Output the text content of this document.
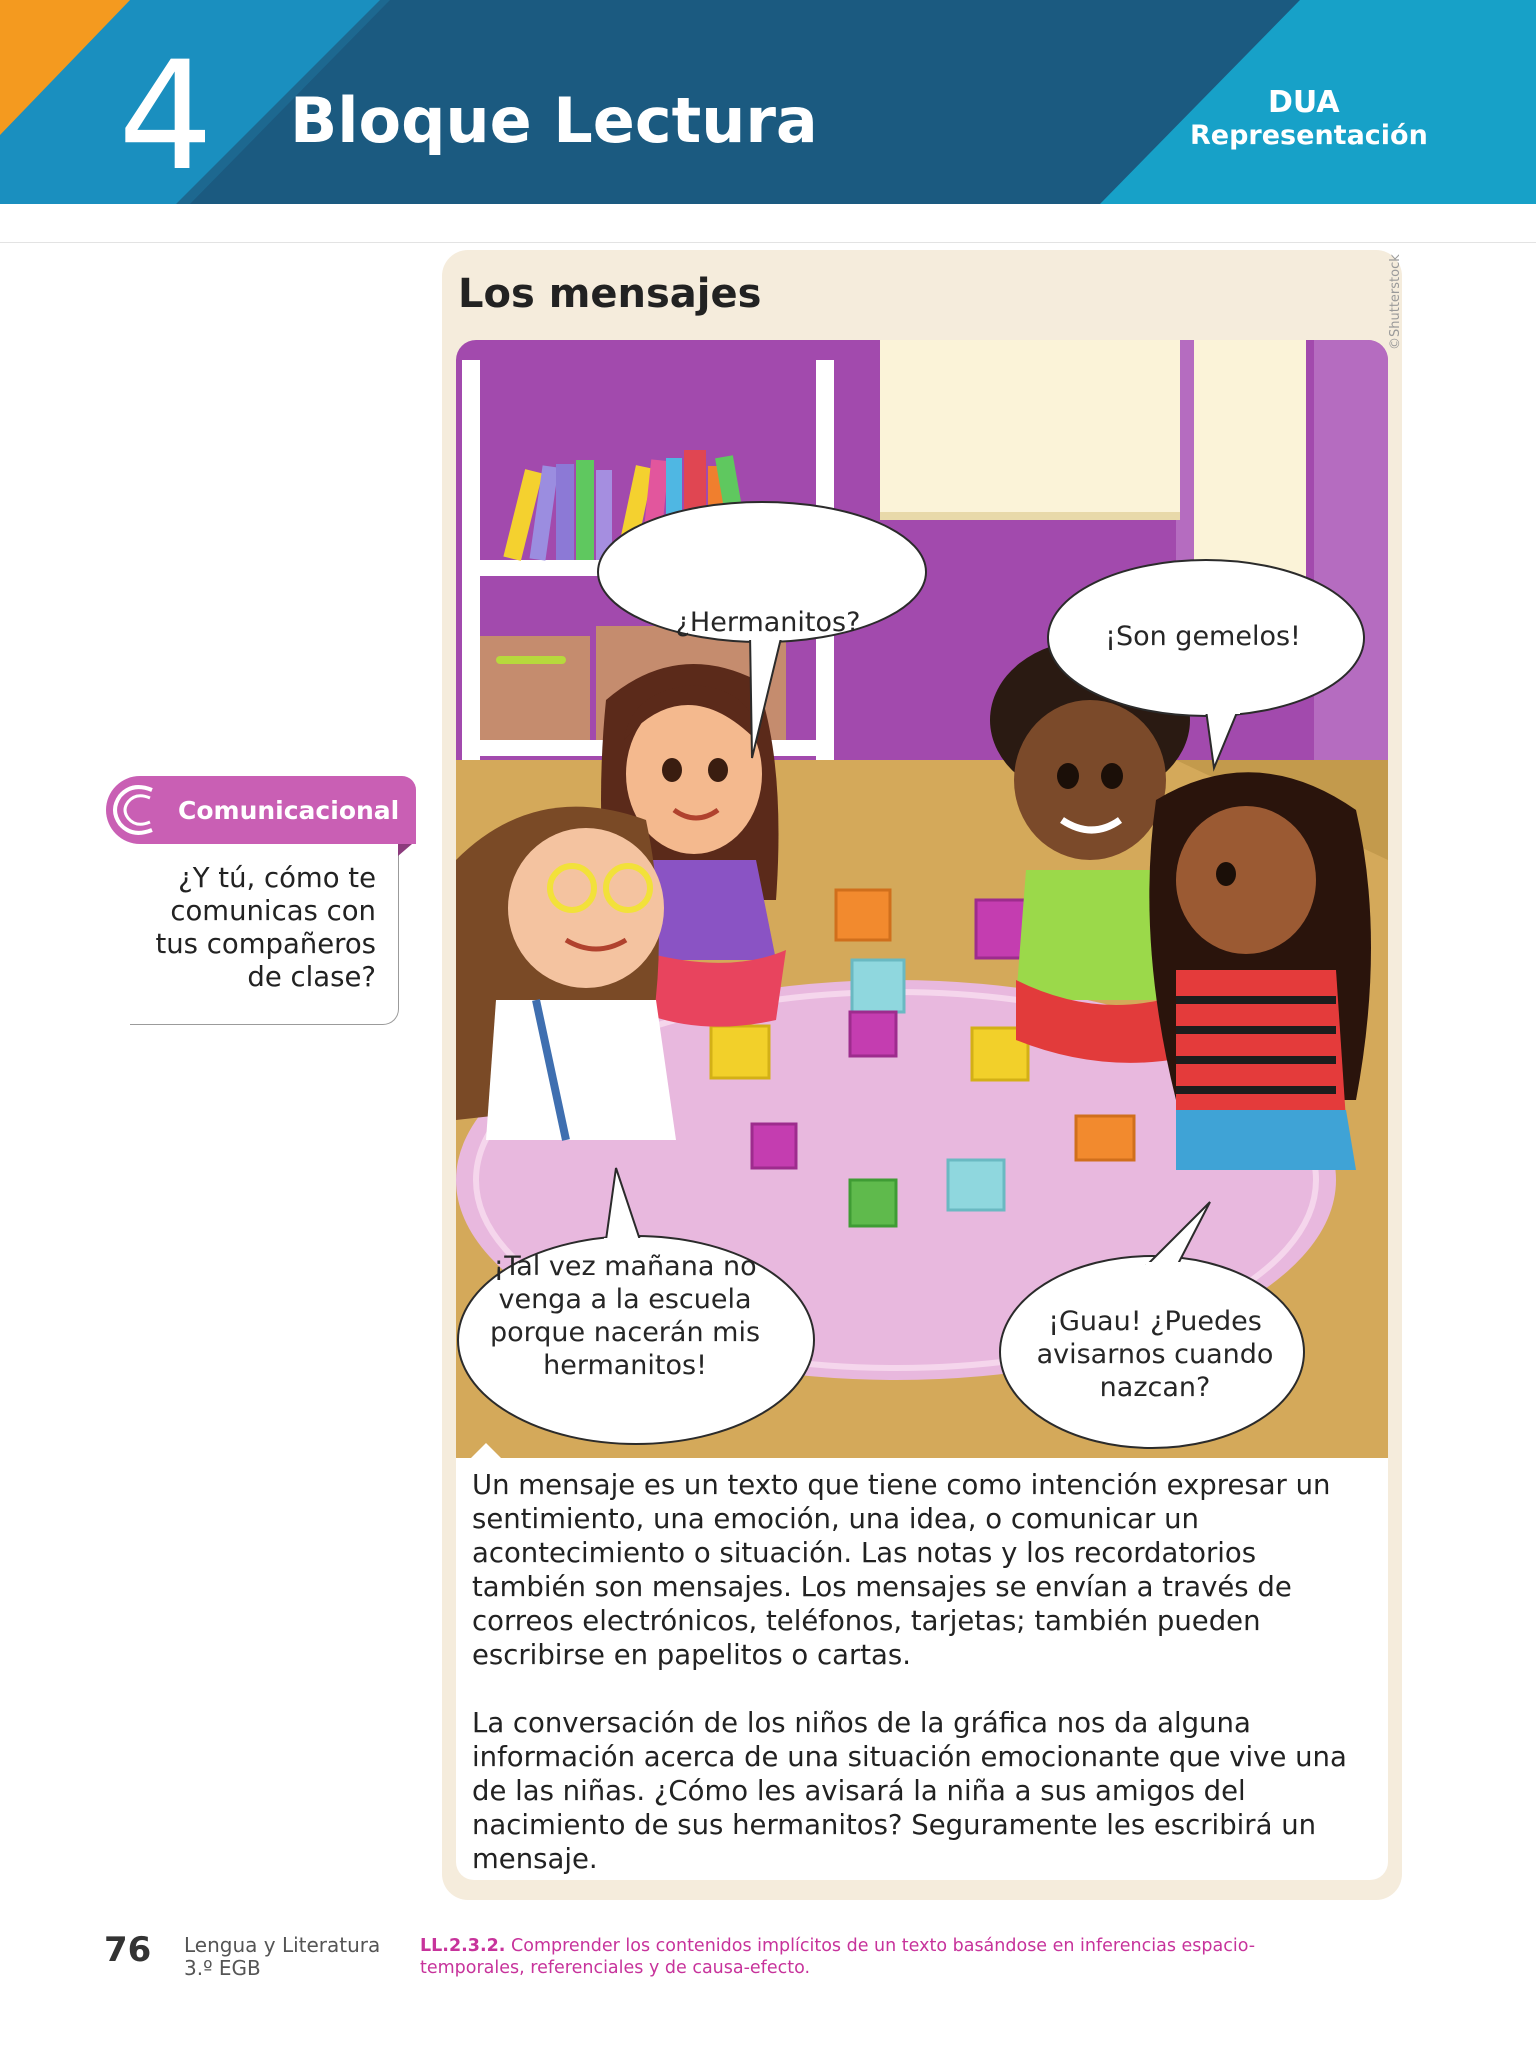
4 Bloque Lectura	DUA
Representación
Los mensajes	©Shutterstock
¿Hermanitos?	¡Son gemelos!
¡Tal vez mañana no venga a la escuela porque nacerán mis hermanitos!
¡Guau! ¿Puedes avisarnos cuando nazcan?

Un mensaje es un texto que tiene como intención expresar un sentimiento, una emoción, una idea, o comunicar un acontecimiento o situación. Las notas y los recordatorios también son mensajes. Los mensajes se envían a través de correos electrónicos, teléfonos, tarjetas; también pueden escribirse en papelitos o cartas.

La conversación de los niños de la gráfica nos da alguna información acerca de una situación emocionante que vive una de las niñas. ¿Cómo les avisará la niña a sus amigos del nacimiento de sus hermanitos? Seguramente les escribirá un mensaje.

Comunicacional
¿Y tú, cómo te comunicas con tus compañeros de clase?
76 Lengua y Literatura
3.º EGB
LL.2.3.2. Comprender los contenidos implícitos de un texto basándose en inferencias espacio-temporales, referenciales y de causa-efecto.
